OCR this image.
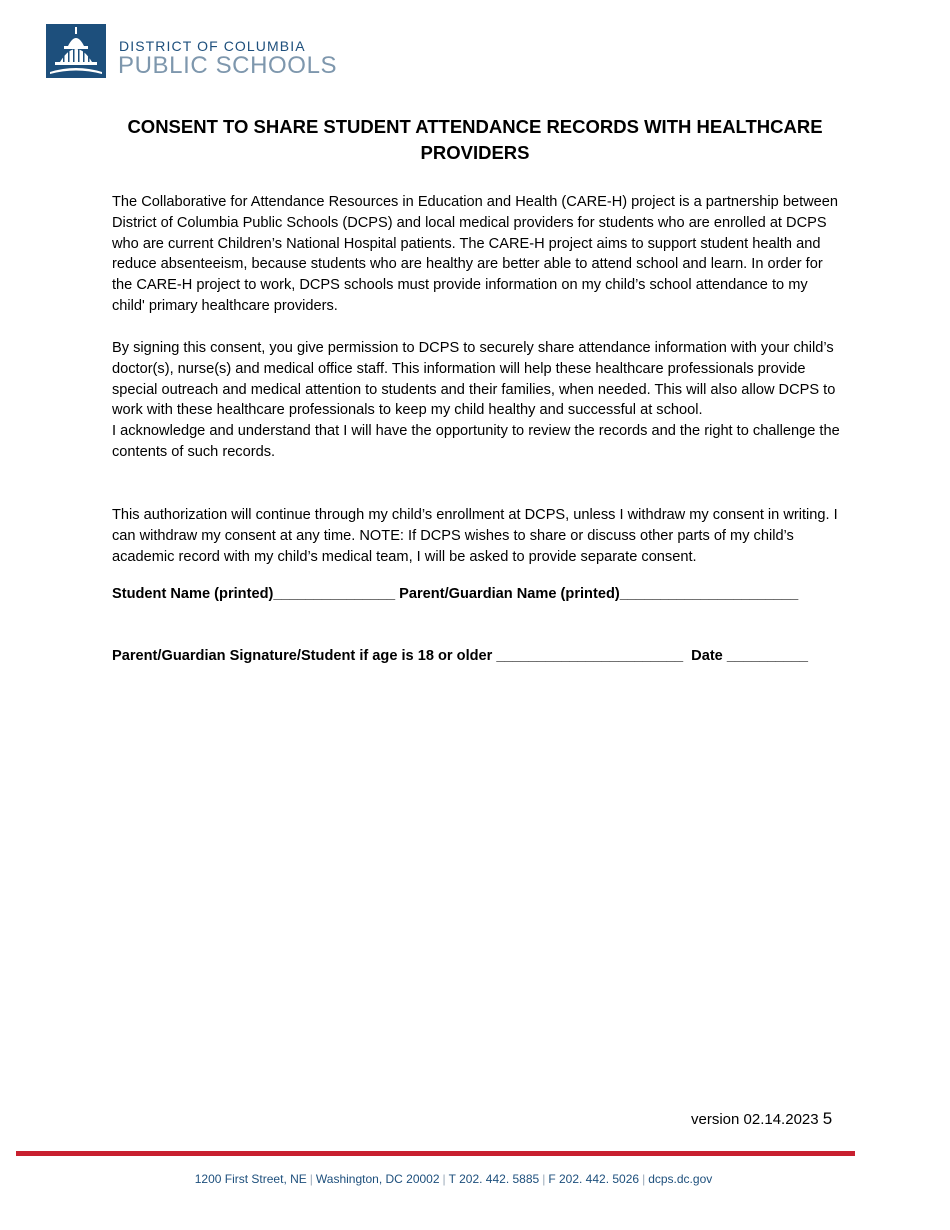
DISTRICT OF COLUMBIA
PUBLIC SCHOOLS
CONSENT TO SHARE STUDENT ATTENDANCE RECORDS WITH HEALTHCARE PROVIDERS

The Collaborative for Attendance Resources in Education and Health (CARE-H) project is a partnership between District of Columbia Public Schools (DCPS) and local medical providers for students who are enrolled at DCPS who are current Children’s National Hospital patients. The CARE-H project aims to support student health and reduce absenteeism, because students who are healthy are better able to attend school and learn. In order for the CARE-H project to work, DCPS schools must provide information on my child’s school attendance to my child' primary healthcare providers.

By signing this consent, you give permission to DCPS to securely share attendance information with your child’s doctor(s), nurse(s) and medical office staff. This information will help these healthcare professionals provide special outreach and medical attention to students and their families, when needed. This will also allow DCPS to work with these healthcare professionals to keep my child healthy and successful at school.
I acknowledge and understand that I will have the opportunity to review the records and the right to challenge the contents of such records.

This authorization will continue through my child’s enrollment at DCPS, unless I withdraw my consent in writing. I can withdraw my consent at any time. NOTE: If DCPS wishes to share or discuss other parts of my child’s academic record with my child’s medical team, I will be asked to provide separate consent.

Student Name (printed)_______________ Parent/Guardian Name (printed)______________________
Parent/Guardian Signature/Student if age is 18 or older _______________________ Date __________
version 02.14.2023 5
1200 First Street, NE | Washington, DC 20002 | T 202. 442. 5885 | F 202. 442. 5026 | dcps.dc.gov
